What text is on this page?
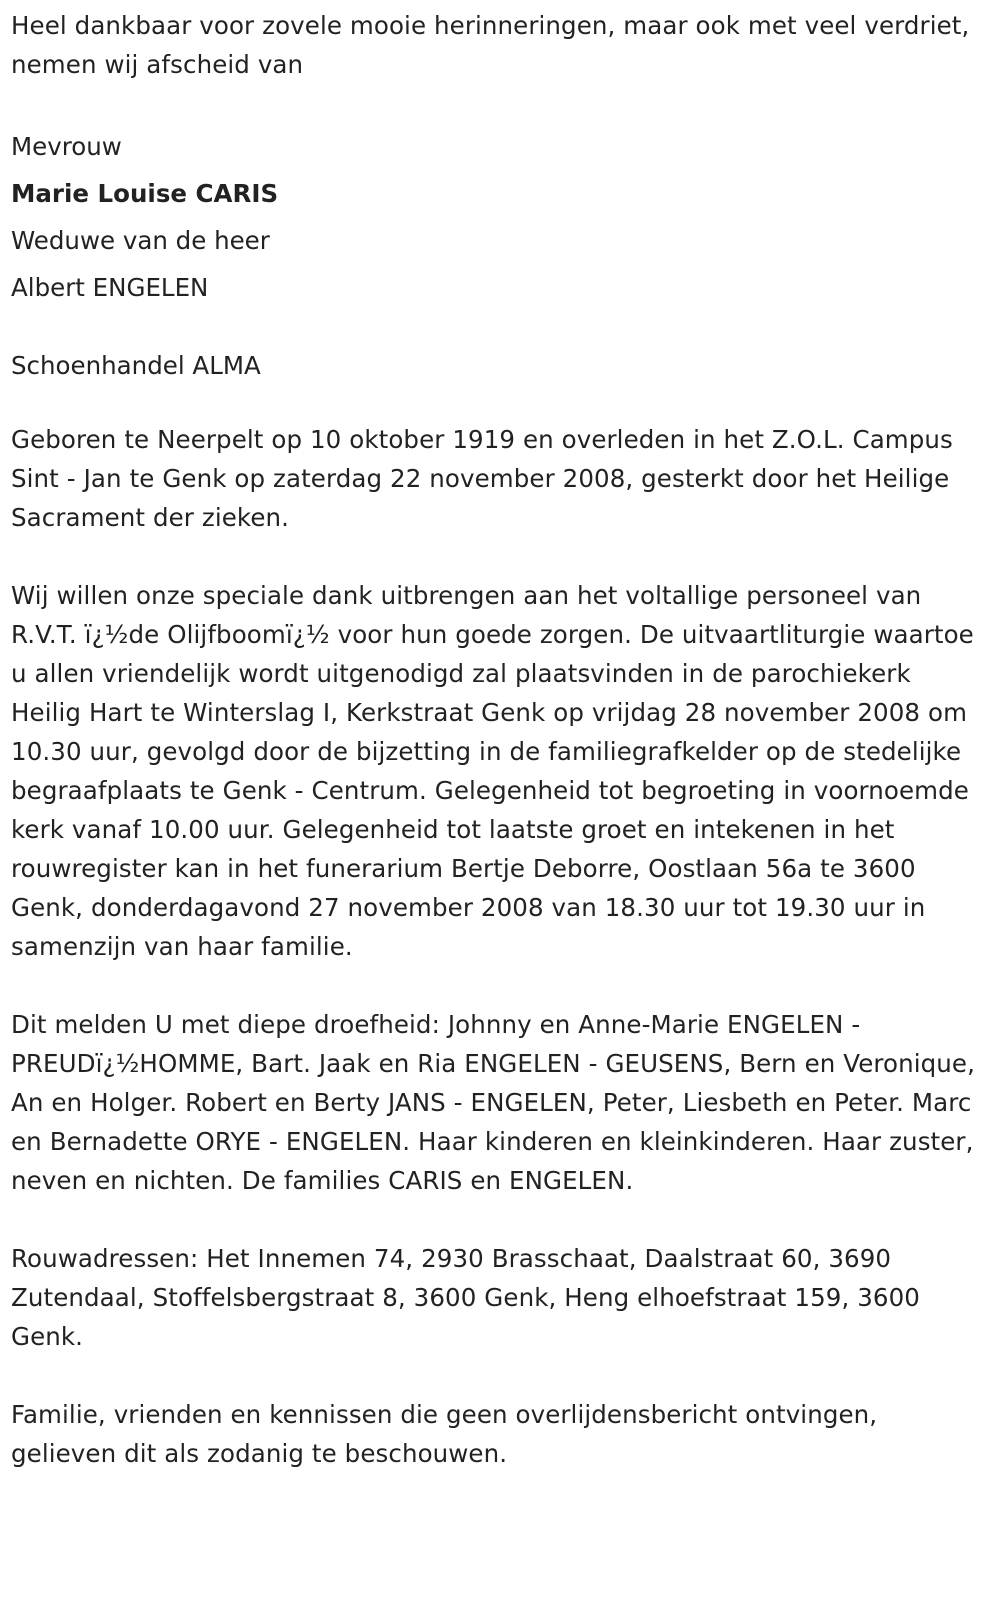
Heel dankbaar voor zovele mooie herinneringen, maar ook met veel verdriet, nemen wij afscheid van

Mevrouw

Marie Louise CARIS

Weduwe van de heer

Albert ENGELEN

Schoenhandel ALMA

Geboren te Neerpelt op 10 oktober 1919 en overleden in het Z.O.L. Campus Sint - Jan te Genk op zaterdag 22 november 2008, gesterkt door het Heilige Sacrament der zieken.

Wij willen onze speciale dank uitbrengen aan het voltallige personeel van R.V.T. ï¿½de Olijfboomï¿½ voor hun goede zorgen. De uitvaartliturgie waartoe u allen vriendelijk wordt uitgenodigd zal plaatsvinden in de parochiekerk Heilig Hart te Winterslag I, Kerkstraat Genk op vrijdag 28 november 2008 om 10.30 uur, gevolgd door de bijzetting in de familiegrafkelder op de stedelijke begraafplaats te Genk - Centrum. Gelegenheid tot begroeting in voornoemde kerk vanaf 10.00 uur. Gelegenheid tot laatste groet en intekenen in het rouwregister kan in het funerarium Bertje Deborre, Oostlaan 56a te 3600 Genk, donderdagavond 27 november 2008 van 18.30 uur tot 19.30 uur in samenzijn van haar familie.

Dit melden U met diepe droefheid: Johnny en Anne-Marie ENGELEN - PREUDï¿½HOMME, Bart. Jaak en Ria ENGELEN - GEUSENS, Bern en Veronique, An en Holger. Robert en Berty JANS - ENGELEN, Peter, Liesbeth en Peter. Marc en Bernadette ORYE - ENGELEN. Haar kinderen en kleinkinderen. Haar zuster, neven en nichten. De families CARIS en ENGELEN.

Rouwadressen: Het Innemen 74, 2930 Brasschaat, Daalstraat 60, 3690 Zutendaal, Stoffelsbergstraat 8, 3600 Genk, Heng elhoefstraat 159, 3600 Genk.

Familie, vrienden en kennissen die geen overlijdensbericht ontvingen, gelieven dit als zodanig te beschouwen.
